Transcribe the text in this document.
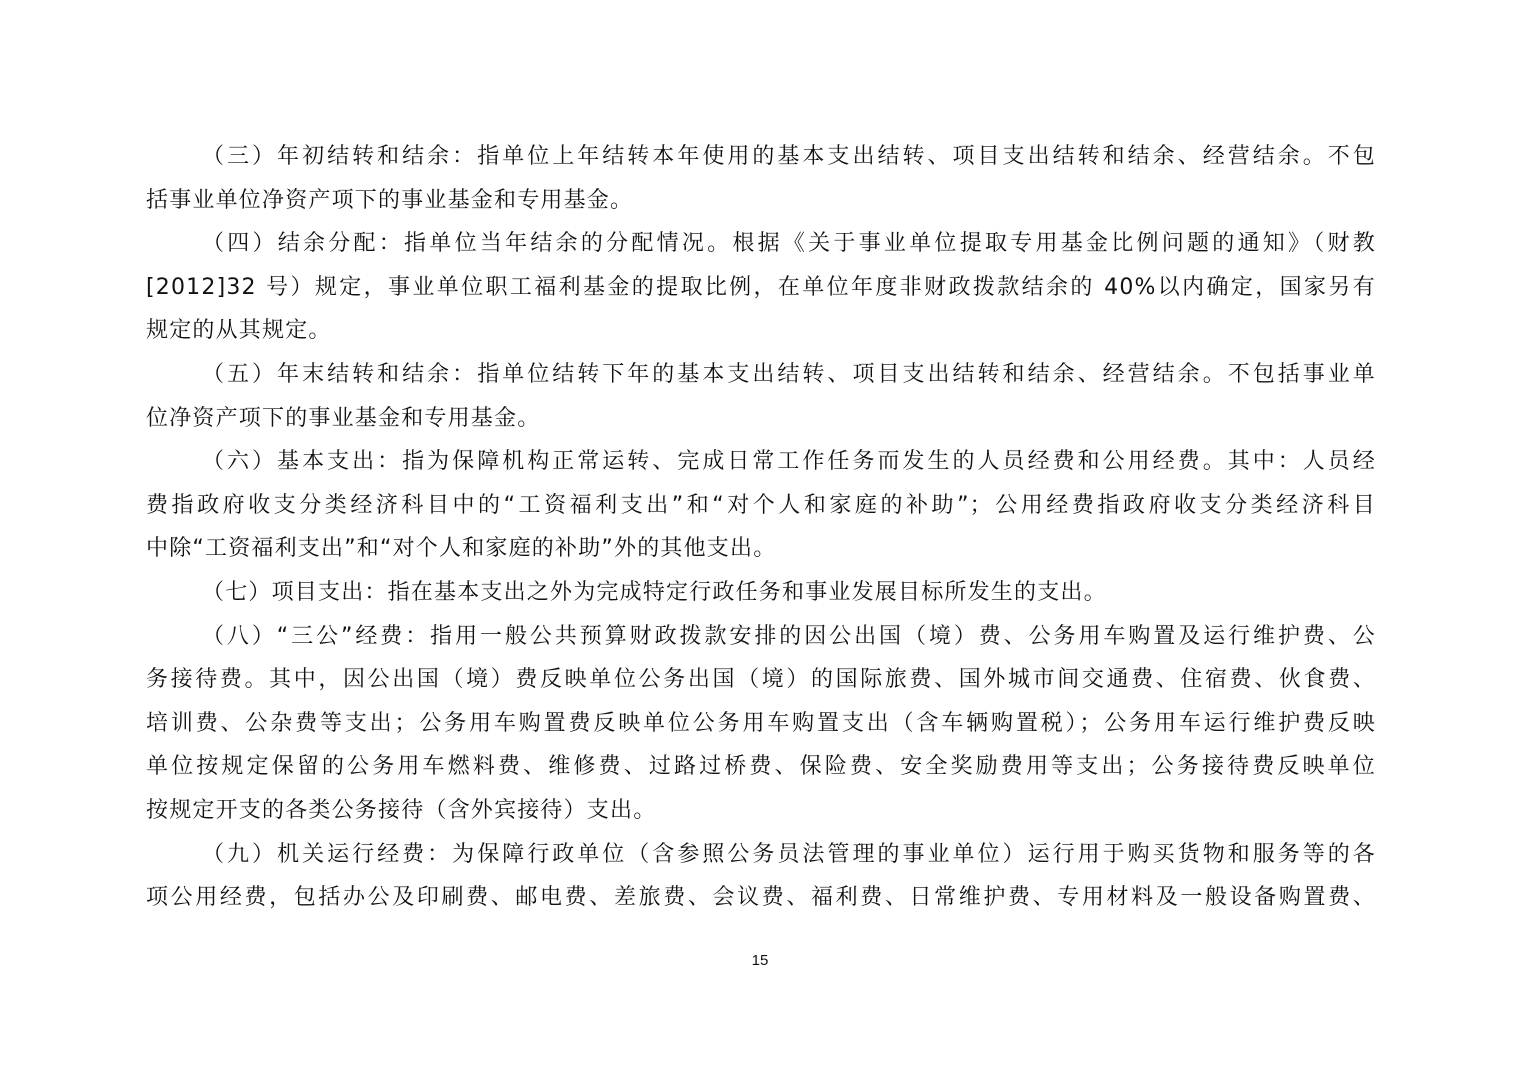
（三）年初结转和结余：指单位上年结转本年使用的基本支出结转、项目支出结转和结余、经营结余。不包
括事业单位净资产项下的事业基金和专用基金。

（四）结余分配：指单位当年结余的分配情况。根据《关于事业单位提取专用基金比例问题的通知》（财教
[2012]32 号）规定，事业单位职工福利基金的提取比例，在单位年度非财政拨款结余的 40%以内确定，国家另有
规定的从其规定。

（五）年末结转和结余：指单位结转下年的基本支出结转、项目支出结转和结余、经营结余。不包括事业单
位净资产项下的事业基金和专用基金。

（六）基本支出：指为保障机构正常运转、完成日常工作任务而发生的人员经费和公用经费。其中：人员经
费指政府收支分类经济科目中的“工资福利支出”和“对个人和家庭的补助”；公用经费指政府收支分类经济科目
中除“工资福利支出”和“对个人和家庭的补助”外的其他支出。

（七）项目支出：指在基本支出之外为完成特定行政任务和事业发展目标所发生的支出。

（八）“三公”经费：指用一般公共预算财政拨款安排的因公出国（境）费、公务用车购置及运行维护费、公
务接待费。其中，因公出国（境）费反映单位公务出国（境）的国际旅费、国外城市间交通费、住宿费、伙食费、
培训费、公杂费等支出；公务用车购置费反映单位公务用车购置支出（含车辆购置税）；公务用车运行维护费反映
单位按规定保留的公务用车燃料费、维修费、过路过桥费、保险费、安全奖励费用等支出；公务接待费反映单位
按规定开支的各类公务接待（含外宾接待）支出。

（九）机关运行经费：为保障行政单位（含参照公务员法管理的事业单位）运行用于购买货物和服务等的各
项公用经费，包括办公及印刷费、邮电费、差旅费、会议费、福利费、日常维护费、专用材料及一般设备购置费、

15
